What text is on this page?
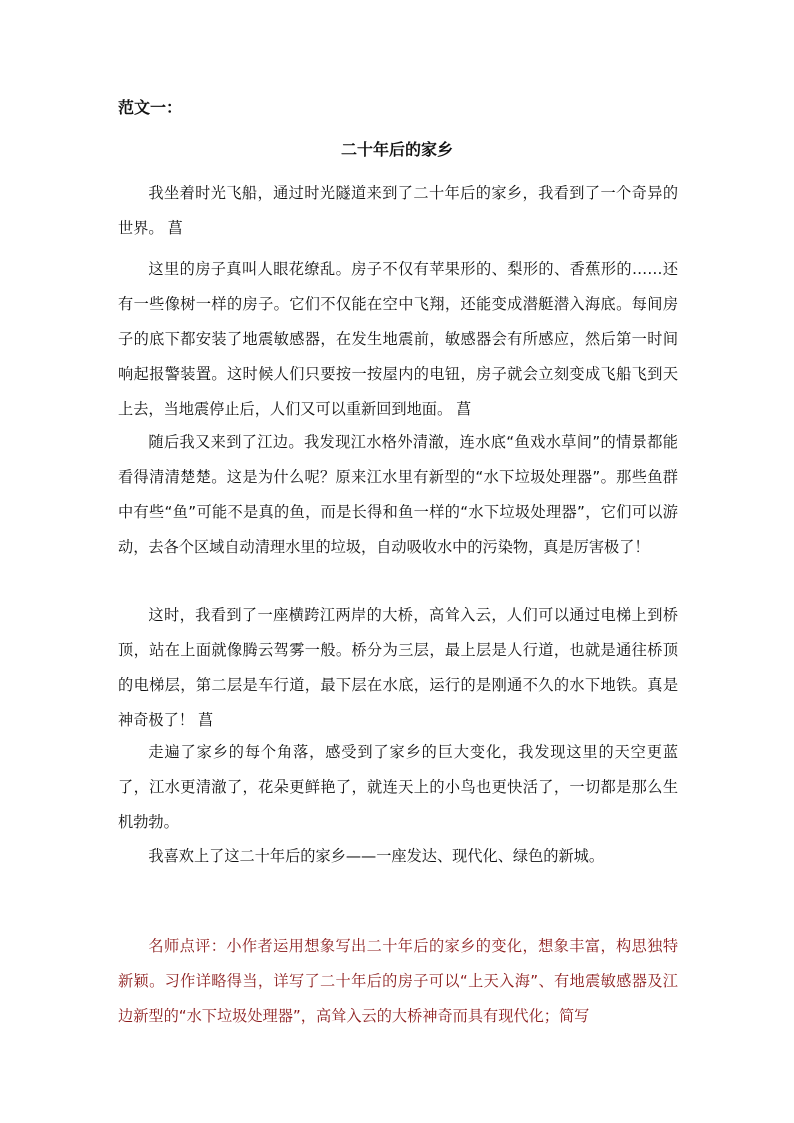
范文一：

二十年后的家乡

我坐着时光飞船，通过时光隧道来到了二十年后的家乡，我看到了一个奇异的世界。 菖

这里的房子真叫人眼花缭乱。房子不仅有苹果形的、梨形的、香蕉形的……还有一些像树一样的房子。它们不仅能在空中飞翔，还能变成潜艇潜入海底。每间房子的底下都安装了地震敏感器，在发生地震前，敏感器会有所感应，然后第一时间响起报警装置。这时候人们只要按一按屋内的电钮，房子就会立刻变成飞船飞到天上去，当地震停止后，人们又可以重新回到地面。 菖

随后我又来到了江边。我发现江水格外清澈，连水底“鱼戏水草间”的情景都能看得清清楚楚。这是为什么呢？原来江水里有新型的“水下垃圾处理器”。那些鱼群中有些“鱼”可能不是真的鱼，而是长得和鱼一样的“水下垃圾处理器”，它们可以游动，去各个区域自动清理水里的垃圾，自动吸收水中的污染物，真是厉害极了！

这时，我看到了一座横跨江两岸的大桥，高耸入云，人们可以通过电梯上到桥顶，站在上面就像腾云驾雾一般。桥分为三层，最上层是人行道，也就是通往桥顶的电梯层，第二层是车行道，最下层在水底，运行的是刚通不久的水下地铁。真是神奇极了！ 菖

走遍了家乡的每个角落，感受到了家乡的巨大变化，我发现这里的天空更蓝了，江水更清澈了，花朵更鲜艳了，就连天上的小鸟也更快活了，一切都是那么生机勃勃。

我喜欢上了这二十年后的家乡——一座发达、现代化、绿色的新城。

名师点评：小作者运用想象写出二十年后的家乡的变化，想象丰富，构思独特新颖。习作详略得当，详写了二十年后的房子可以“上天入海”、有地震敏感器及江边新型的“水下垃圾处理器”，高耸入云的大桥神奇而具有现代化；简写
